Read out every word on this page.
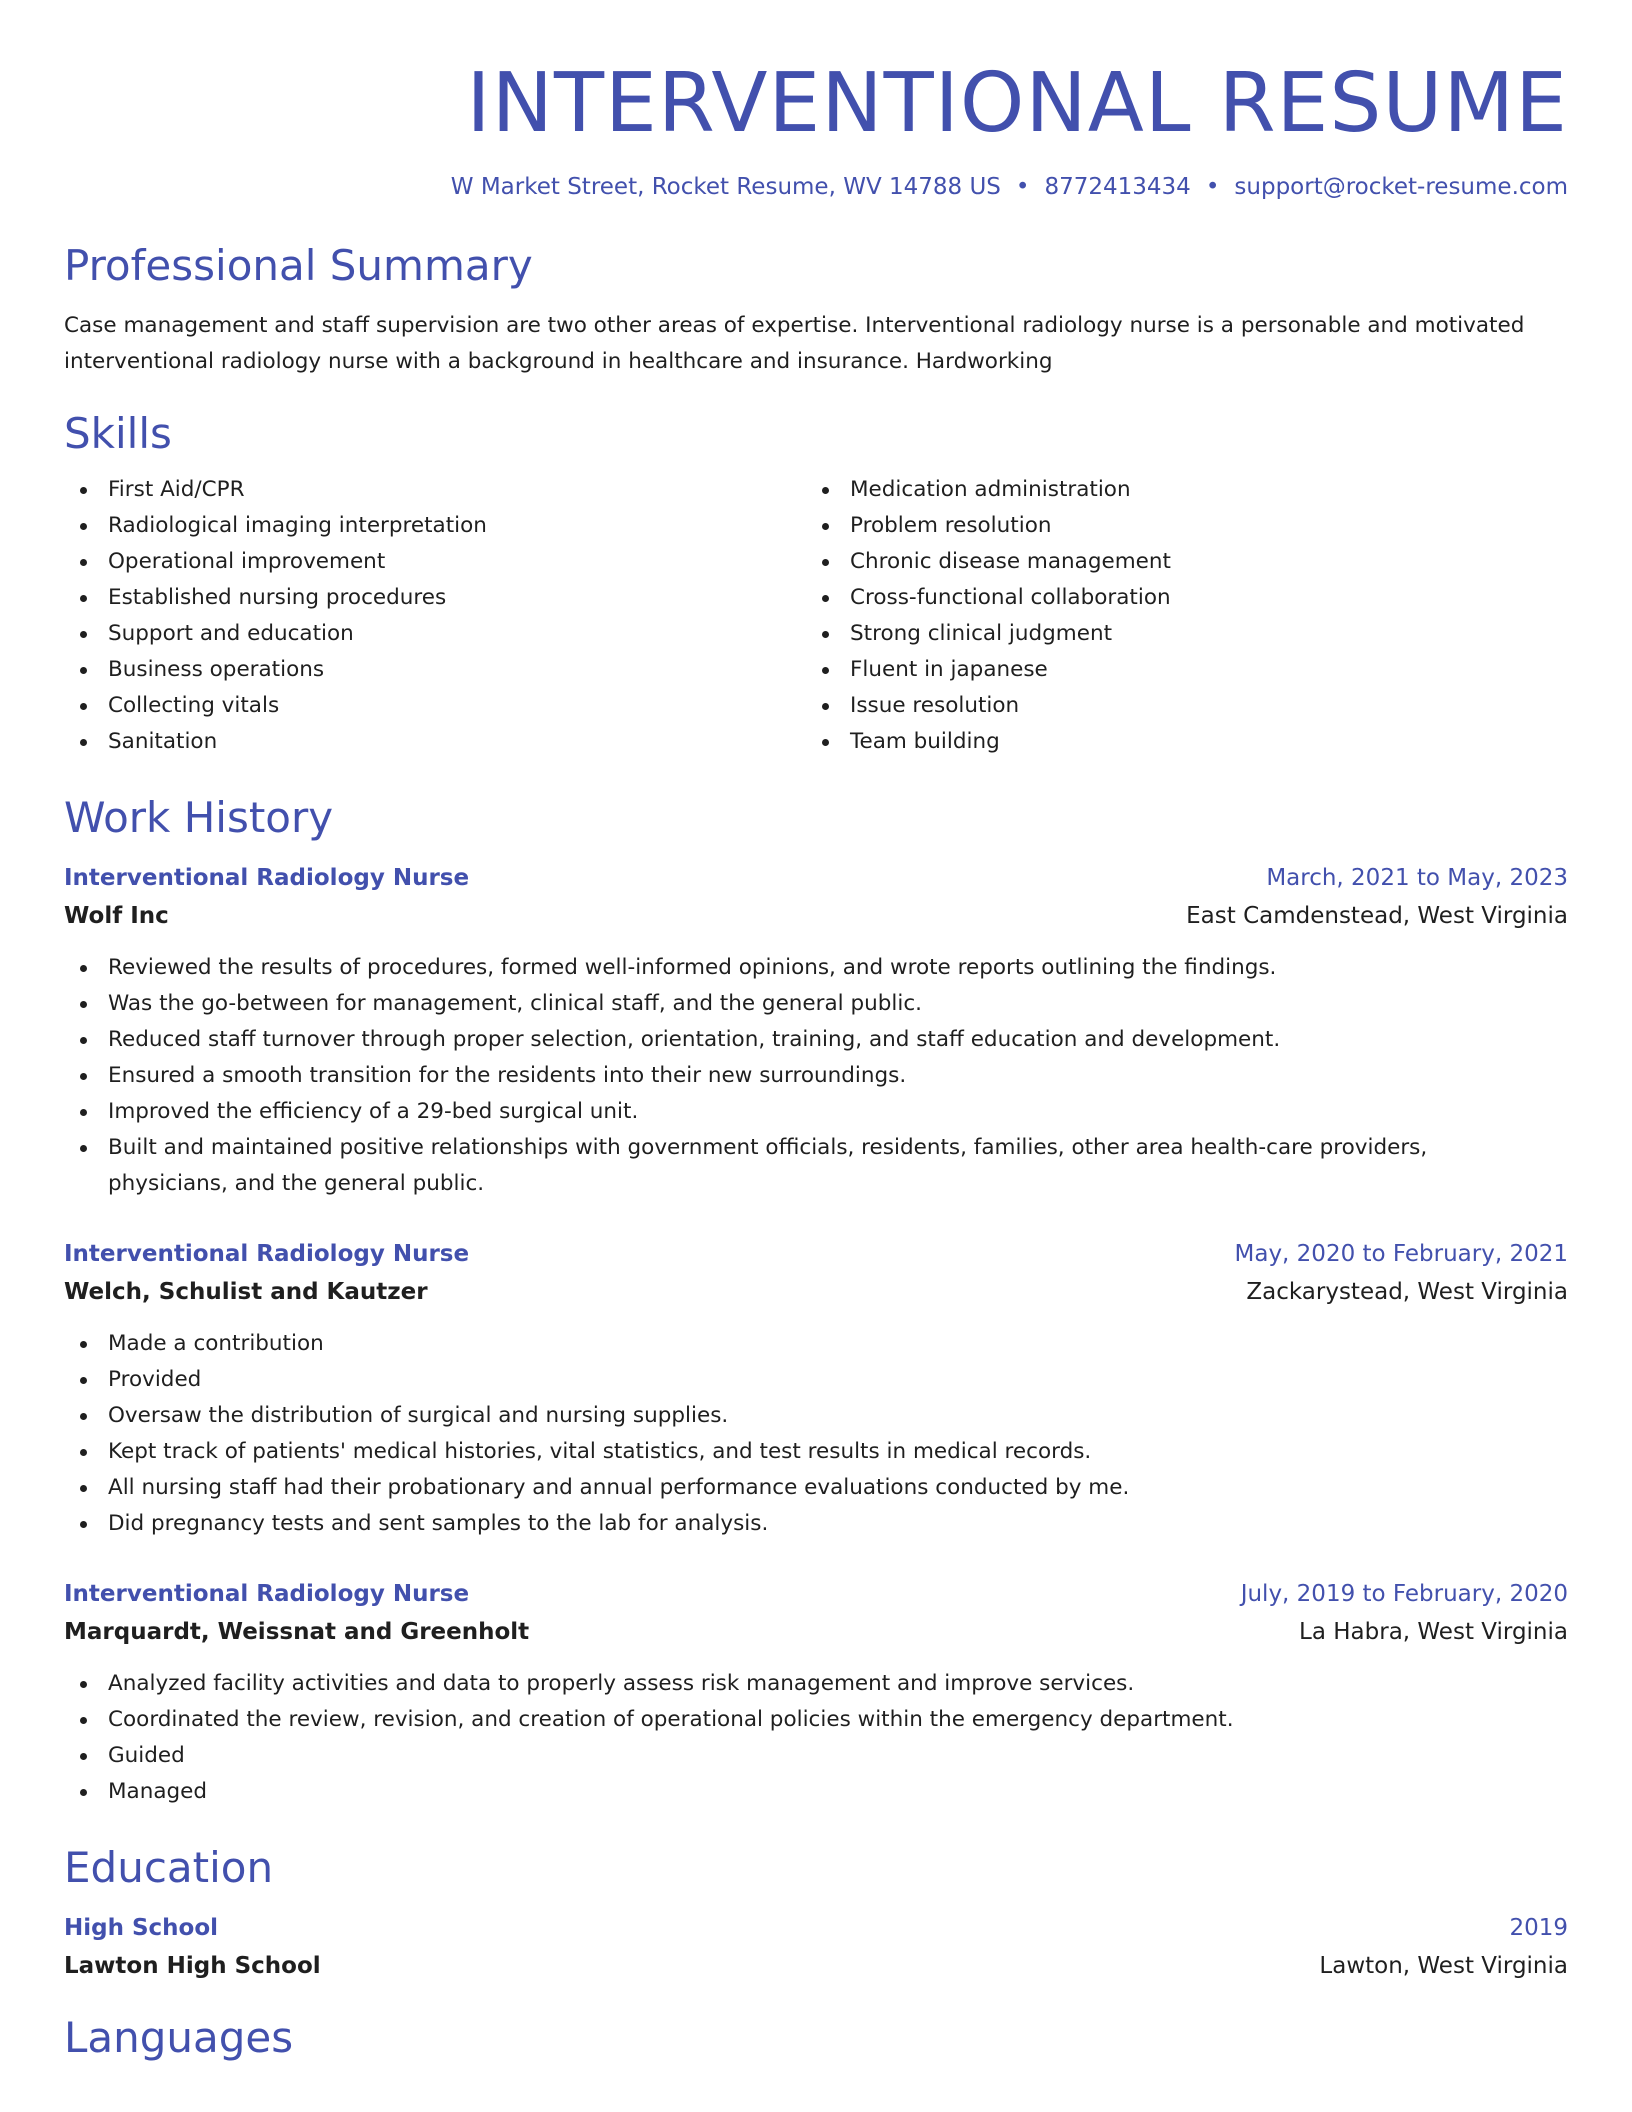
INTERVENTIONAL RESUME
W Market Street, Rocket Resume, WV 14788 US • 8772413434 • support@rocket-resume.com
Professional Summary
Case management and staff supervision are two other areas of expertise. Interventional radiology nurse is a personable and motivated interventional radiology nurse with a background in healthcare and insurance. Hardworking
Skills
First Aid/CPR
Radiological imaging interpretation
Operational improvement
Established nursing procedures
Support and education
Business operations
Collecting vitals
Sanitation
Medication administration
Problem resolution
Chronic disease management
Cross-functional collaboration
Strong clinical judgment
Fluent in japanese
Issue resolution
Team building
Work History
Interventional Radiology Nurse	March, 2021 to May, 2023
Wolf Inc	East Camdenstead, West Virginia
Reviewed the results of procedures, formed well-informed opinions, and wrote reports outlining the findings.
Was the go-between for management, clinical staff, and the general public.
Reduced staff turnover through proper selection, orientation, training, and staff education and development.
Ensured a smooth transition for the residents into their new surroundings.
Improved the efficiency of a 29-bed surgical unit.
Built and maintained positive relationships with government officials, residents, families, other area health-care providers, physicians, and the general public.
Interventional Radiology Nurse	May, 2020 to February, 2021
Welch, Schulist and Kautzer	Zackarystead, West Virginia
Made a contribution
Provided
Oversaw the distribution of surgical and nursing supplies.
Kept track of patients' medical histories, vital statistics, and test results in medical records.
All nursing staff had their probationary and annual performance evaluations conducted by me.
Did pregnancy tests and sent samples to the lab for analysis.
Interventional Radiology Nurse	July, 2019 to February, 2020
Marquardt, Weissnat and Greenholt	La Habra, West Virginia
Analyzed facility activities and data to properly assess risk management and improve services.
Coordinated the review, revision, and creation of operational policies within the emergency department.
Guided
Managed
Education
High School	2019
Lawton High School	Lawton, West Virginia
Languages
